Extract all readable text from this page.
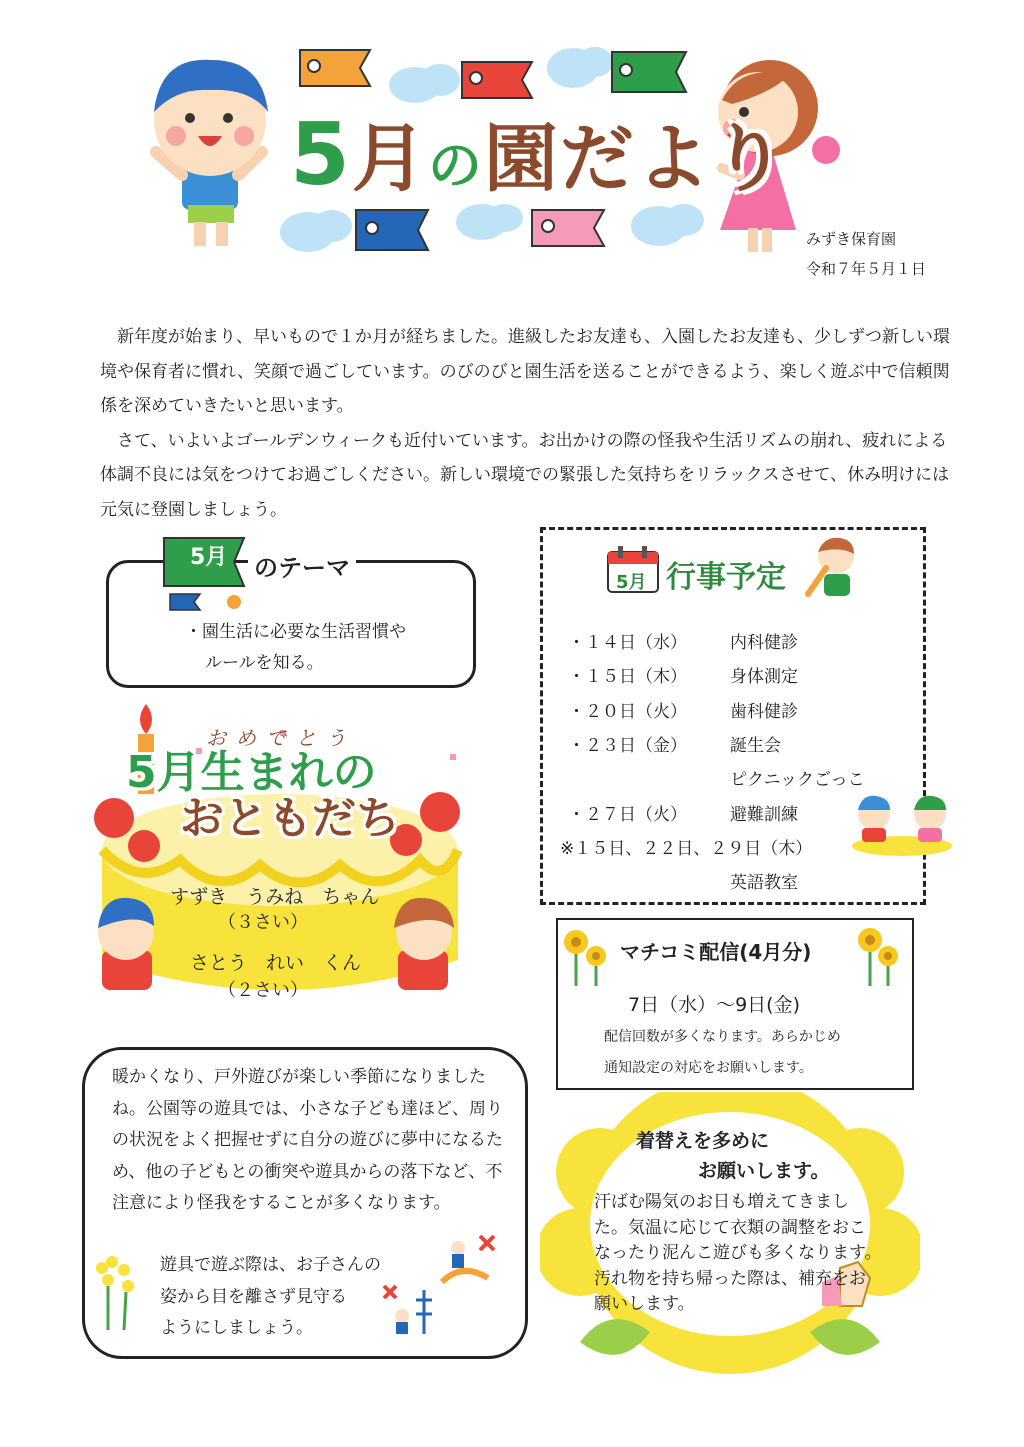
5月の園だより
みずき保育園
令和７年５月１日

新年度が始まり、早いもので１か月が経ちました。進級したお友達も、入園したお友達も、少しずつ新しい環境や保育者に慣れ、笑顔で過ごしています。のびのびと園生活を送ることができるよう、楽しく遊ぶ中で信頼関係を深めていきたいと思います。

さて、いよいよゴールデンウィークも近付いています。お出かけの際の怪我や生活リズムの崩れ、疲れによる体調不良には気をつけてお過ごしください。新しい環境での緊張した気持ちをリラックスさせて、休み明けには元気に登園しましょう。

5月 のテーマ
・園生活に必要な生活習慣や
ルールを知る。
5月 行事予定
・１４日（水）	内科健診
・１５日（木）	身体測定
・２０日（火）	歯科健診
・２３日（金）	誕生会
ピクニックごっこ
・２７日（火）	避難訓練
※１５日、２２日、２９日（木）
英語教室
おめでとう
5月生まれの
おともだち
すずき　うみね　ちゃん
（３さい）
さとう　れい　くん
（２さい）
マチコミ配信(4月分)
7日（水）～9日(金)
配信回数が多くなります。あらかじめ
通知設定の対応をお願いします。
暖かくなり、戸外遊びが楽しい季節になりましたね。公園等の遊具では、小さな子ども達ほど、周りの状況をよく把握せずに自分の遊びに夢中になるため、他の子どもとの衝突や遊具からの落下など、不注意により怪我をすることが多くなります。
遊具で遊ぶ際は、お子さんの
姿から目を離さず見守る
ようにしましょう。
着替えを多めに
お願いします。
汗ばむ陽気のお日も増えてきました。気温に応じて衣類の調整をおこなったり泥んこ遊びも多くなります。汚れ物を持ち帰った際は、補充をお願いします。
